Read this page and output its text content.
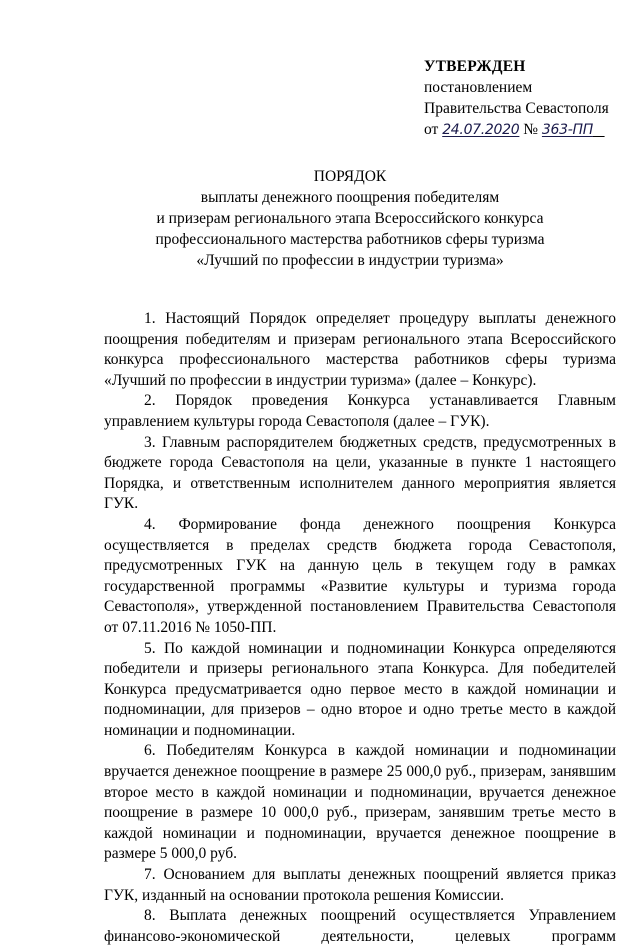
УТВЕРЖДЕН
постановлением
Правительства Севастополя
от 24.07.2020 № 363-ПП
ПОРЯДОК
выплаты денежного поощрения победителям
и призерам регионального этапа Всероссийского конкурса
профессионального мастерства работников сферы туризма
«Лучший по профессии в индустрии туризма»

1. Настоящий Порядок определяет процедуру выплаты денежного поощрения победителям и призерам регионального этапа Всероссийского конкурса профессионального мастерства работников сферы туризма «Лучший по профессии в индустрии туризма» (далее – Конкурс).

2. Порядок проведения Конкурса устанавливается Главным управлением культуры города Севастополя (далее – ГУК).

3. Главным распорядителем бюджетных средств, предусмотренных в бюджете города Севастополя на цели, указанные в пункте 1 настоящего Порядка, и ответственным исполнителем данного мероприятия является ГУК.

4. Формирование фонда денежного поощрения Конкурса осуществляется в пределах средств бюджета города Севастополя, предусмотренных ГУК на данную цель в текущем году в рамках государственной программы «Развитие культуры и туризма города Севастополя», утвержденной постановлением Правительства Севастополя от 07.11.2016 № 1050-ПП.

5. По каждой номинации и подноминации Конкурса определяются победители и призеры регионального этапа Конкурса. Для победителей Конкурса предусматривается одно первое место в каждой номинации и подноминации, для призеров – одно второе и одно третье место в каждой номинации и подноминации.

6. Победителям Конкурса в каждой номинации и подноминации вручается денежное поощрение в размере 25 000,0 руб., призерам, занявшим второе место в каждой номинации и подноминации, вручается денежное поощрение в размере 10 000,0 руб., призерам, занявшим третье место в каждой номинации и подноминации, вручается денежное поощрение в размере 5 000,0 руб.

7. Основанием для выплаты денежных поощрений является приказ ГУК, изданный на основании протокола решения Комиссии.

8. Выплата денежных поощрений осуществляется Управлением финансово-экономической деятельности, целевых программ
